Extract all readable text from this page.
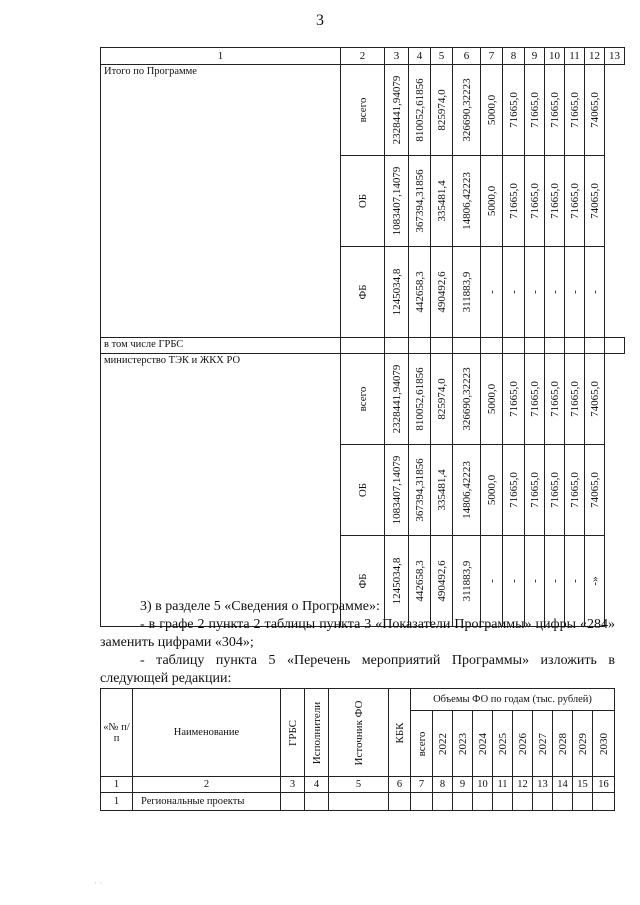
3
1	2	3	4	5	6	7	8	9	10	11	12	13
Итого по Программе	всего	2328441,94079	810052,61856	825974,0	326690,32223	5000,0	71665,0	71665,0	71665,0	71665,0	74065,0	

	ОБ	1083407,14079	367394,31856	335481,4	14806,42223	5000,0	71665,0	71665,0	71665,0	71665,0	74065,0	

	ФБ	1245034,8	442658,3	490492,6	311883,9	-	-	-	-	-	-	

в том числе ГРБС												
министерство ТЭК и ЖКХ РО	всего	2328441,94079	810052,61856	825974,0	326690,32223	5000,0	71665,0	71665,0	71665,0	71665,0	74065,0	

	ОБ	1083407,14079	367394,31856	335481,4	14806,42223	5000,0	71665,0	71665,0	71665,0	71665,0	74065,0	

	ФБ	1245034,8	442658,3	490492,6	311883,9	-	-	-	-	-	-»	
3) в разделе 5 «Сведения о Программе»:
- в графе 2 пункта 2 таблицы пункта 3 «Показатели Программы» цифры «284» заменить цифрами «304»;
- таблицу пункта 5 «Перечень мероприятий Программы» изложить в следующей редакции:
«№ п/п	Наименование	ГРБС	Исполнители	Источник ФО	КБК	Объемы ФО по годам (тыс. рублей)									

						всего	2022	2023	2024	2025	2026	2027	2028	2029	2030

1	2	3	4	5	6	7	8	9	10	11	12	13	14	15	16
1	Региональные проекты														
· ·
